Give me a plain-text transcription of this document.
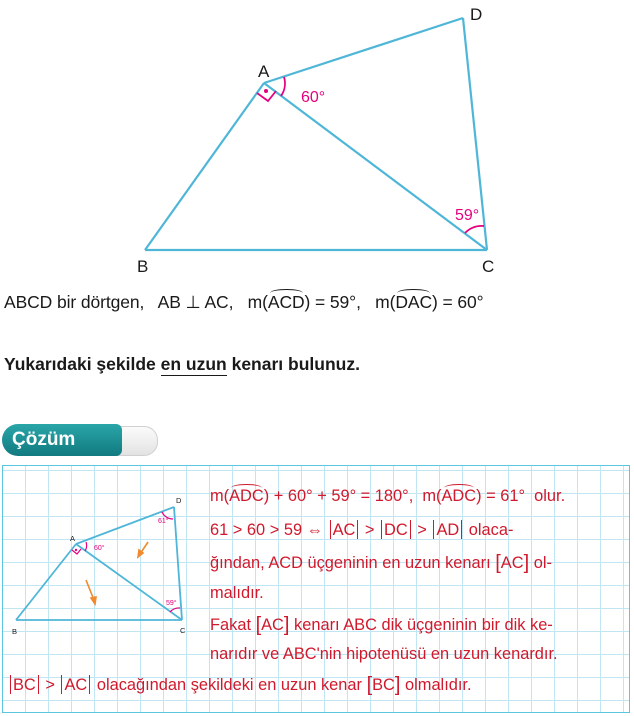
60°
59°
A
B	C
D
ABCD bir dörtgen, AB ⊥ AC, m(ACD) = 59°, m(DAC) = 60°
Yukarıdaki şekilde en uzun kenarı bulunuz.
Çözüm
A
B	C
D
60°
61°
59°
m(ADC) + 60° + 59° = 180°, m(ADC) = 61° olur.
61 > 60 > 59 ⇔ AC > DC > AD olaca-
ğından, ACD üçgeninin en uzun kenarı [AC] ol-
malıdır.
Fakat [AC] kenarı ABC dik üçgeninin bir dik ke-
narıdır ve ABC'nin hipotenüsü en uzun kenardır.
BC > AC olacağından şekildeki en uzun kenar [BC] olmalıdır.
